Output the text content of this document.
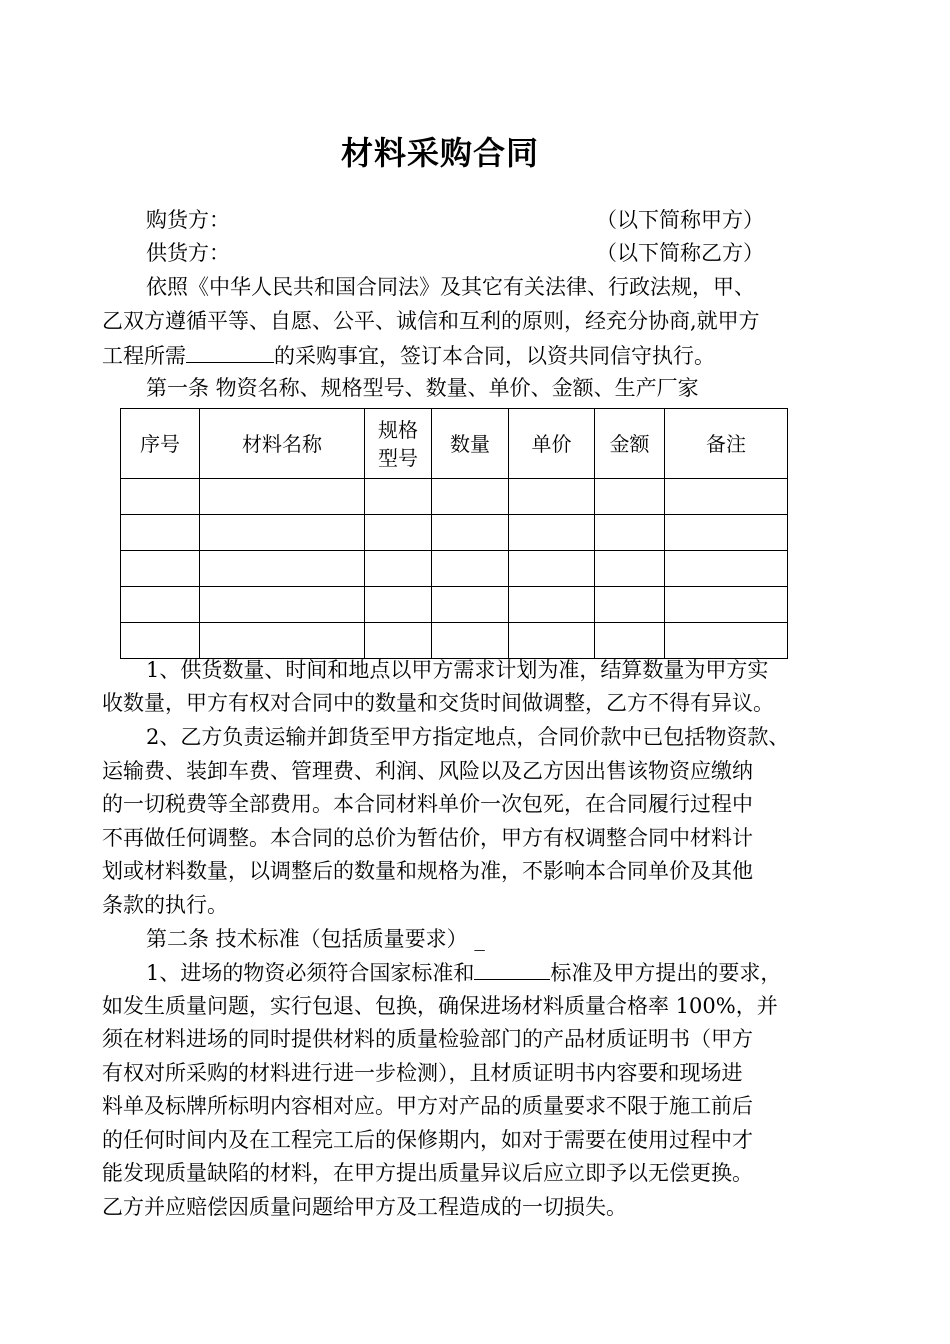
材料采购合同

购货方：	（以下简称甲方）

供货方：	（以下简称乙方）

依照《中华人民共和国合同法》及其它有关法律、行政法规，甲、

乙双方遵循平等、自愿、公平、诚信和互利的原则，经充分协商,就甲方

工程所需	的采购事宜，签订本合同，以资共同信守执行。

第一条 物资名称、规格型号、数量、单价、金额、生产厂家

序号	材料名称	规格
型号	数量	单价	金额	备注

1、供货数量、时间和地点以甲方需求计划为准，结算数量为甲方实

收数量，甲方有权对合同中的数量和交货时间做调整，乙方不得有异议。

2、乙方负责运输并卸货至甲方指定地点，合同价款中已包括物资款、

运输费、装卸车费、管理费、利润、风险以及乙方因出售该物资应缴纳

的一切税费等全部费用。本合同材料单价一次包死，在合同履行过程中

不再做任何调整。本合同的总价为暂估价，甲方有权调整合同中材料计

划或材料数量，以调整后的数量和规格为准，不影响本合同单价及其他

条款的执行。

第二条 技术标准（包括质量要求） _

1、进场的物资必须符合国家标准和	标准及甲方提出的要求，

如发生质量问题，实行包退、包换，确保进场材料质量合格率 100%，并

须在材料进场的同时提供材料的质量检验部门的产品材质证明书（甲方

有权对所采购的材料进行进一步检测），且材质证明书内容要和现场进

料单及标牌所标明内容相对应。甲方对产品的质量要求不限于施工前后

的任何时间内及在工程完工后的保修期内，如对于需要在使用过程中才

能发现质量缺陷的材料，在甲方提出质量异议后应立即予以无偿更换。

乙方并应赔偿因质量问题给甲方及工程造成的一切损失。
